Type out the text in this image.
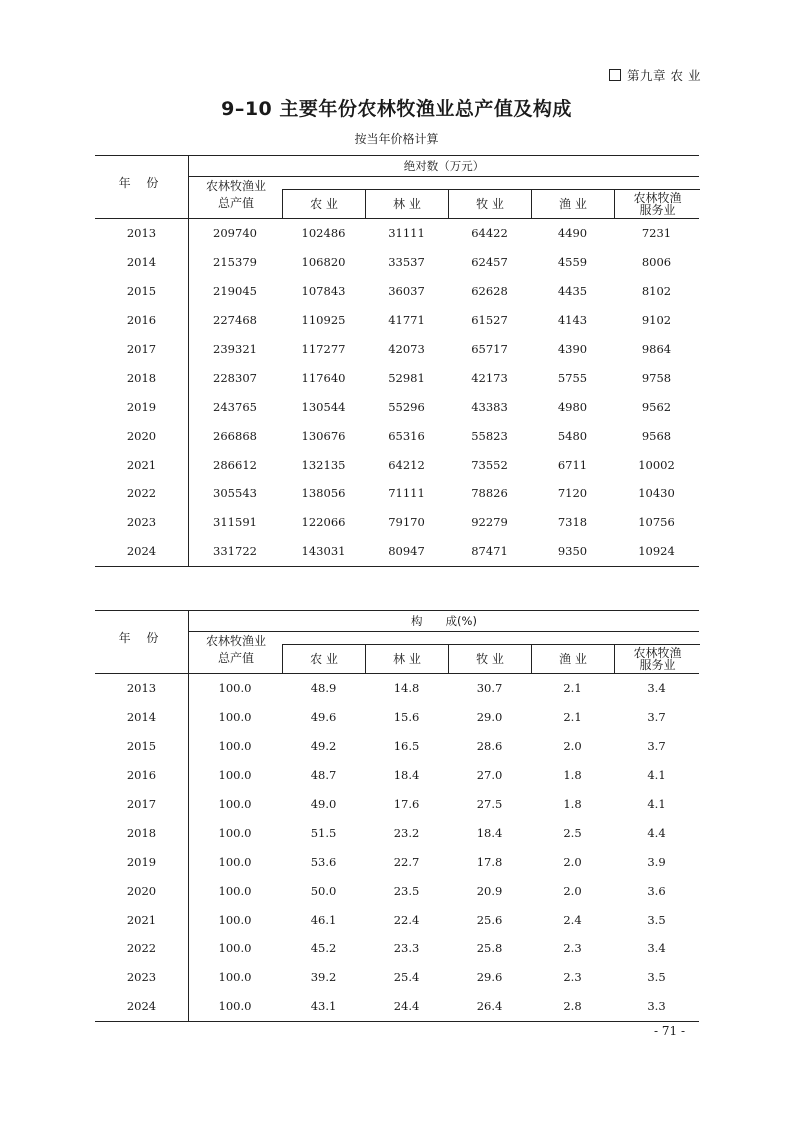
第九章 农 业
9–10 主要年份农林牧渔业总产值及构成
按当年价格计算
绝对数（万元）
年 份	农林牧渔业
总产值	农 业	林 业	牧 业	渔 业	农林牧渔
服务业
2013	209740	102486	31111	64422	4490	7231
2014	215379	106820	33537	62457	4559	8006
2015	219045	107843	36037	62628	4435	8102
2016	227468	110925	41771	61527	4143	9102
2017	239321	117277	42073	65717	4390	9864
2018	228307	117640	52981	42173	5755	9758
2019	243765	130544	55296	43383	4980	9562
2020	266868	130676	65316	55823	5480	9568
2021	286612	132135	64212	73552	6711	10002
2022	305543	138056	71111	78826	7120	10430
2023	311591	122066	79170	92279	7318	10756
2024	331722	143031	80947	87471	9350	10924
构　　成(%)
年 份	农林牧渔业
总产值	农 业	林 业	牧 业	渔 业	农林牧渔
服务业
2013	100.0	48.9	14.8	30.7	2.1	3.4
2014	100.0	49.6	15.6	29.0	2.1	3.7
2015	100.0	49.2	16.5	28.6	2.0	3.7
2016	100.0	48.7	18.4	27.0	1.8	4.1
2017	100.0	49.0	17.6	27.5	1.8	4.1
2018	100.0	51.5	23.2	18.4	2.5	4.4
2019	100.0	53.6	22.7	17.8	2.0	3.9
2020	100.0	50.0	23.5	20.9	2.0	3.6
2021	100.0	46.1	22.4	25.6	2.4	3.5
2022	100.0	45.2	23.3	25.8	2.3	3.4
2023	100.0	39.2	25.4	29.6	2.3	3.5
2024	100.0	43.1	24.4	26.4	2.8	3.3
- 71 -
